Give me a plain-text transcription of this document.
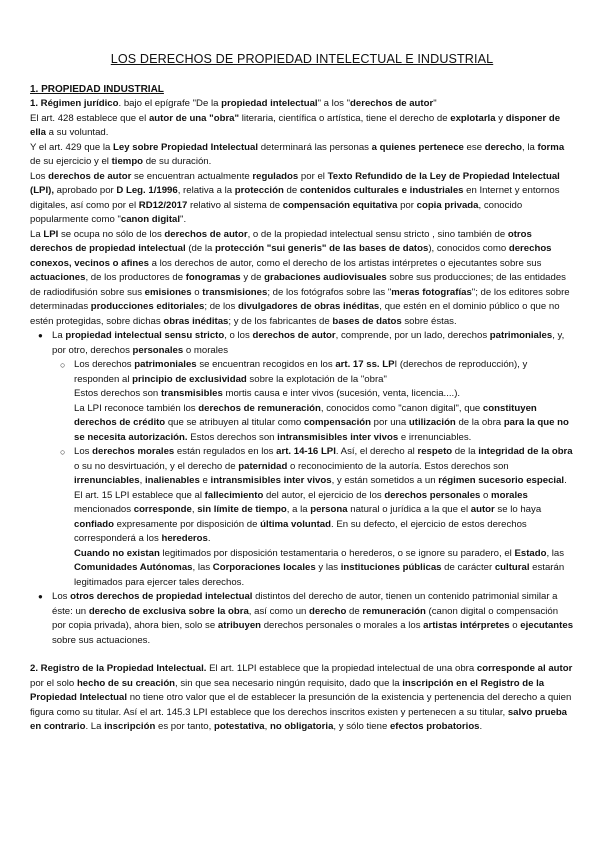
LOS DERECHOS DE PROPIEDAD INTELECTUAL E INDUSTRIAL
1. PROPIEDAD INDUSTRIAL

1. Régimen jurídico. bajo el epígrafe "De la propiedad intelectual" a los "derechos de autor"

El art. 428 establece que el autor de una "obra" literaria, científica o artística, tiene el derecho de explotarla y disponer de ella a su voluntad.

Y el art. 429 que la Ley sobre Propiedad Intelectual determinará las personas a quienes pertenece ese derecho, la forma de su ejercicio y el tiempo de su duración.

Los derechos de autor se encuentran actualmente regulados por el Texto Refundido de la Ley de Propiedad Intelectual (LPI), aprobado por D Leg. 1/1996, relativa a la protección de contenidos culturales e industriales en Internet y entornos digitales, así como por el RD12/2017 relativo al sistema de compensación equitativa por copia privada, conocido popularmente como "canon digital".

La LPI se ocupa no sólo de los derechos de autor, o de la propiedad intelectual sensu stricto , sino también de otros derechos de propiedad intelectual (de la protección "sui generis" de las bases de datos), conocidos como derechos conexos, vecinos o afines a los derechos de autor, como el derecho de los artistas intérpretes o ejecutantes sobre sus actuaciones, de los productores de fonogramas y de grabaciones audiovisuales sobre sus producciones; de las entidades de radiodifusión sobre sus emisiones o transmisiones; de los fotógrafos sobre las "meras fotografías"; de los editores sobre determinadas producciones editoriales; de los divulgadores de obras inéditas, que estén en el dominio público o que no estén protegidas, sobre dichas obras inéditas; y de los fabricantes de bases de datos sobre éstas.

● La propiedad intelectual sensu stricto, o los derechos de autor, comprende, por un lado, derechos patrimoniales, y, por otro, derechos personales o morales

○ Los derechos patrimoniales se encuentran recogidos en los art. 17 ss. LPI (derechos de reproducción), y responden al principio de exclusividad sobre la explotación de la "obra"

Estos derechos son transmisibles mortis causa e inter vivos (sucesión, venta, licencia....).

La LPI reconoce también los derechos de remuneración, conocidos como "canon digital", que constituyen derechos de crédito que se atribuyen al titular como compensación por una utilización de la obra para la que no se necesita autorización. Estos derechos son intransmisibles inter vivos e irrenunciables.

○ Los derechos morales están regulados en los art. 14-16 LPI. Así, el derecho al respeto de la integridad de la obra o su no desvirtuación, y el derecho de paternidad o reconocimiento de la autoría. Estos derechos son irrenunciables, inalienables e intransmisibles inter vivos, y están sometidos a un régimen sucesorio especial.

El art. 15 LPI establece que al fallecimiento del autor, el ejercicio de los derechos personales o morales mencionados corresponde, sin límite de tiempo, a la persona natural o jurídica a la que el autor se lo haya confiado expresamente por disposición de última voluntad. En su defecto, el ejercicio de estos derechos corresponderá a los herederos.

Cuando no existan legitimados por disposición testamentaria o herederos, o se ignore su paradero, el Estado, las Comunidades Autónomas, las Corporaciones locales y las instituciones públicas de carácter cultural estarán legitimados para ejercer tales derechos.

● Los otros derechos de propiedad intelectual distintos del derecho de autor, tienen un contenido patrimonial similar a éste: un derecho de exclusiva sobre la obra, así como un derecho de remuneración (canon digital o compensación por copia privada), ahora bien, solo se atribuyen derechos personales o morales a los artistas intérpretes o ejecutantes sobre sus actuaciones.

2. Registro de la Propiedad Intelectual. El art. 1LPI establece que la propiedad intelectual de una obra corresponde al autor por el solo hecho de su creación, sin que sea necesario ningún requisito, dado que la inscripción en el Registro de la Propiedad Intelectual no tiene otro valor que el de establecer la presunción de la existencia y pertenencia del derecho a quien figura como su titular. Así el art. 145.3 LPI establece que los derechos inscritos existen y pertenecen a su titular, salvo prueba en contrario. La inscripción es por tanto, potestativa, no obligatoria, y sólo tiene efectos probatorios.
